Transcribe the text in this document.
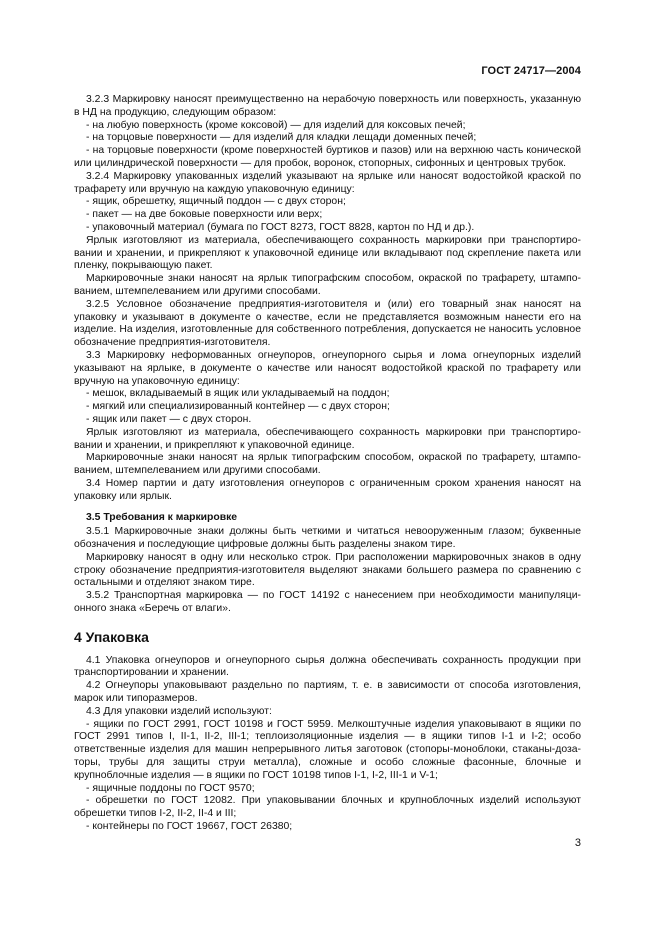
ГОСТ 24717—2004

3.2.3 Маркировку наносят преимущественно на нерабочую поверхность или поверхность, указанную в НД на продукцию, следующим образом:

- на любую поверхность (кроме коксовой) — для изделий для коксовых печей;

- на торцовые поверхности — для изделий для кладки лещади доменных печей;

- на торцовые поверхности (кроме поверхностей буртиков и пазов) или на верхнюю часть конической или цилиндрической поверхности — для пробок, воронок, стопорных, сифонных и центровых трубок.

3.2.4 Маркировку упакованных изделий указывают на ярлыке или наносят водостойкой краской по трафарету или вручную на каждую упаковочную единицу:

- ящик, обрешетку, ящичный поддон — с двух сторон;

- пакет — на две боковые поверхности или верх;

- упаковочный материал (бумага по ГОСТ 8273, ГОСТ 8828, картон по НД и др.).

Ярлык изготовляют из материала, обеспечивающего сохранность маркировки при транспортировании и хранении, и прикрепляют к упаковочной единице или вкладывают под скрепление пакета или пленку, покрывающую пакет.

Маркировочные знаки наносят на ярлык типографским способом, окраской по трафарету, штампованием, штемпелеванием или другими способами.

3.2.5 Условное обозначение предприятия-изготовителя и (или) его товарный знак наносят на упаковку и указывают в документе о качестве, если не представляется возможным нанести его на изделие. На изделия, изготовленные для собственного потребления, допускается не наносить условное обозначение предприятия-изготовителя.

3.3 Маркировку неформованных огнеупоров, огнеупорного сырья и лома огнеупорных изделий указывают на ярлыке, в документе о качестве или наносят водостойкой краской по трафарету или вручную на упаковочную единицу:

- мешок, вкладываемый в ящик или укладываемый на поддон;

- мягкий или специализированный контейнер — с двух сторон;

- ящик или пакет — с двух сторон.

Ярлык изготовляют из материала, обеспечивающего сохранность маркировки при транспортировании и хранении, и прикрепляют к упаковочной единице.

Маркировочные знаки наносят на ярлык типографским способом, окраской по трафарету, штампованием, штемпелеванием или другими способами.

3.4 Номер партии и дату изготовления огнеупоров с ограниченным сроком хранения наносят на упаковку или ярлык.

3.5 Требования к маркировке

3.5.1 Маркировочные знаки должны быть четкими и читаться невооруженным глазом; буквенные обозначения и последующие цифровые должны быть разделены знаком тире.

Маркировку наносят в одну или несколько строк. При расположении маркировочных знаков в одну строку обозначение предприятия-изготовителя выделяют знаками большего размера по сравнению с остальными и отделяют знаком тире.

3.5.2 Транспортная маркировка — по ГОСТ 14192 с нанесением при необходимости манипуляционного знака «Беречь от влаги».

4 Упаковка

4.1 Упаковка огнеупоров и огнеупорного сырья должна обеспечивать сохранность продукции при транспортировании и хранении.

4.2 Огнеупоры упаковывают раздельно по партиям, т. е. в зависимости от способа изготовления, марок или типоразмеров.

4.3 Для упаковки изделий используют:

- ящики по ГОСТ 2991, ГОСТ 10198 и ГОСТ 5959. Мелкоштучные изделия упаковывают в ящики по ГОСТ 2991 типов I, II-1, II-2, III-1; теплоизоляционные изделия — в ящики типов I-1 и I-2; особо ответственные изделия для машин непрерывного литья заготовок (стопоры-моноблоки, стаканы-дозаторы, трубы для защиты струи металла), сложные и особо сложные фасонные, блочные и крупноблочные изделия — в ящики по ГОСТ 10198 типов I-1, I-2, III-1 и V-1;

- ящичные поддоны по ГОСТ 9570;

- обрешетки по ГОСТ 12082. При упаковывании блочных и крупноблочных изделий используют обрешетки типов I-2, II-2, II-4 и III;

- контейнеры по ГОСТ 19667, ГОСТ 26380;

3
